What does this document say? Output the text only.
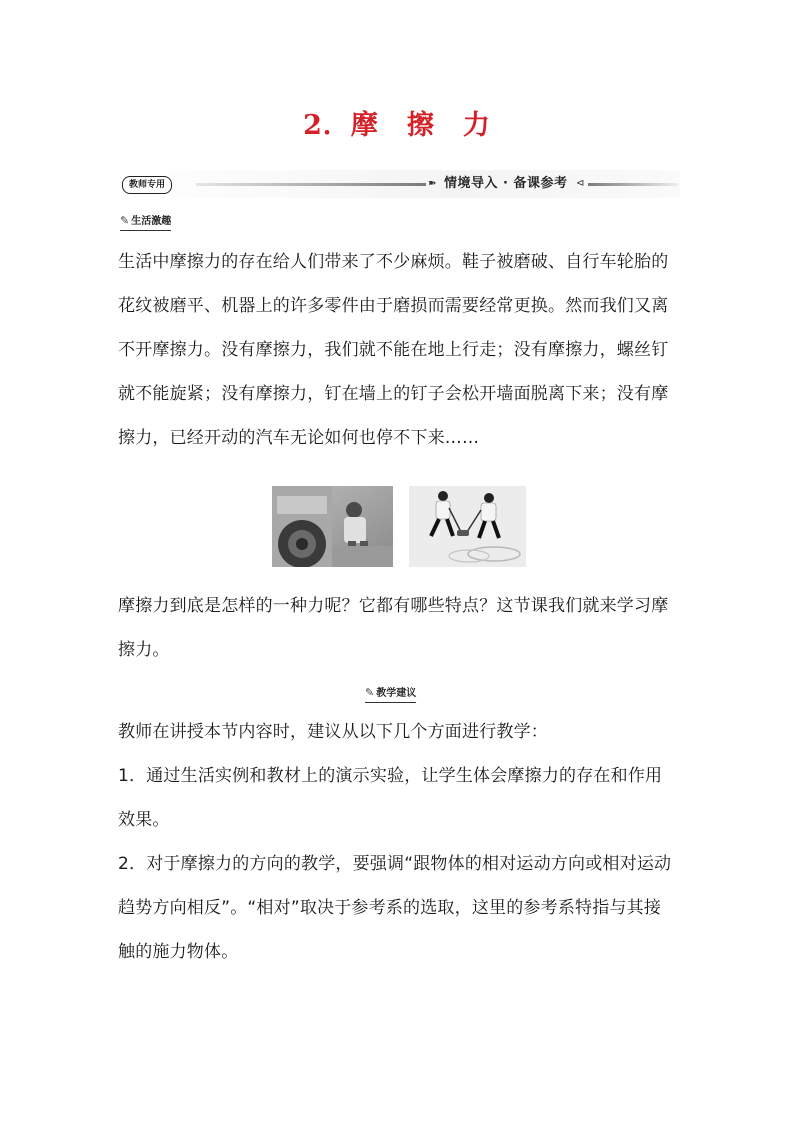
2．摩　擦　力
教师专用	➽ 情境导入 · 备课参考 ⊲
✎ 生活激趣

生活中摩擦力的存在给人们带来了不少麻烦。鞋子被磨破、自行车轮胎的花纹被磨平、机器上的许多零件由于磨损而需要经常更换。然而我们又离不开摩擦力。没有摩擦力，我们就不能在地上行走；没有摩擦力，螺丝钉就不能旋紧；没有摩擦力，钉在墙上的钉子会松开墙面脱离下来；没有摩擦力，已经开动的汽车无论如何也停不下来……

摩擦力到底是怎样的一种力呢？它都有哪些特点？这节课我们就来学习摩擦力。

✎ 教学建议

教师在讲授本节内容时，建议从以下几个方面进行教学：

1．通过生活实例和教材上的演示实验，让学生体会摩擦力的存在和作用效果。

2．对于摩擦力的方向的教学，要强调“跟物体的相对运动方向或相对运动趋势方向相反”。“相对”取决于参考系的选取，这里的参考系特指与其接触的施力物体。
